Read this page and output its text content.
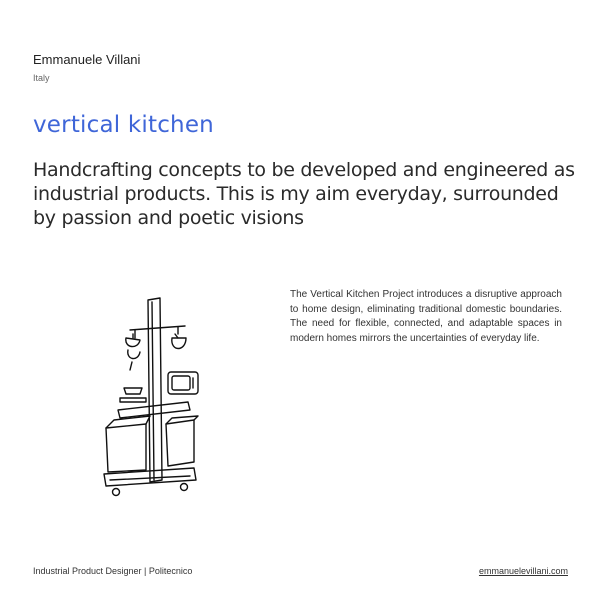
Emmanuele Villani
Italy
vertical kitchen
Handcrafting concepts to be developed and engineered as industrial products. This is my aim everyday, surrounded by passion and poetic visions
The Vertical Kitchen Project introduces a disruptive approach to home design, eliminating traditional domestic boundaries. The need for flexible, connected, and adaptable spaces in modern homes mirrors the uncertainties of everyday life.
Industrial Product Designer | Politecnico	emmanuelevillani.com
